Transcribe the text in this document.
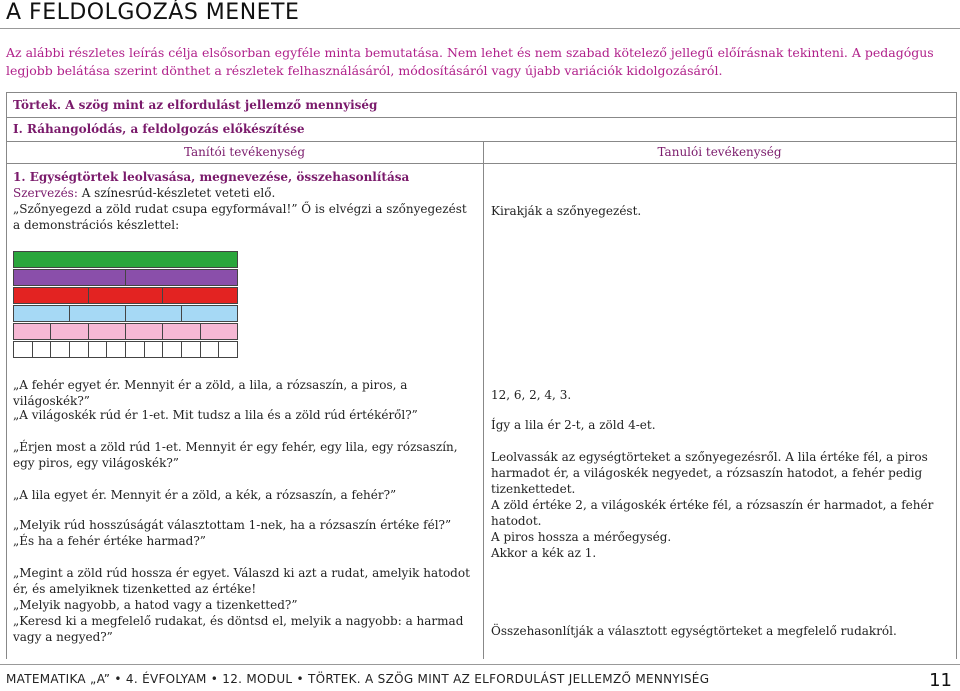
A FELDOLGOZÁS MENETE
Az alábbi részletes leírás célja elsősorban egyféle minta bemutatása. Nem lehet és nem szabad kötelező jellegű előírásnak tekinteni. A pedagógus legjobb belátása szerint dönthet a részletek felhasználásáról, módosításáról vagy újabb variációk kidolgozásáról.
Törtek. A szög mint az elfordulást jellemző mennyiség
I. Ráhangolódás, a feldolgozás előkészítése
Tanítói tevékenység	Tanulói tevékenység

1. Egységtörtek leolvasása, megnevezése, összehasonlítása

Szervezés: A színesrúd-készletet veteti elő.

„Szőnyegezd a zöld rudat csupa egyformával!” Ő is elvégzi a szőnyegezést a demonstrációs készlettel:

Kirakják a szőnyegezést.
„A fehér egyet ér. Mennyit ér a zöld, a lila, a rózsaszín, a piros, a világoskék?”
„A világoskék rúd ér 1-et. Mit tudsz a lila és a zöld rúd értékéről?”
„Érjen most a zöld rúd 1-et. Mennyit ér egy fehér, egy lila, egy rózsaszín, egy piros, egy világoskék?”
„A lila egyet ér. Mennyit ér a zöld, a kék, a rózsaszín, a fehér?”
„Melyik rúd hosszúságát választottam 1-nek, ha a rózsaszín értéke fél?”
„És ha a fehér értéke harmad?”
„Megint a zöld rúd hossza ér egyet. Válaszd ki azt a rudat, amelyik hatodot ér, és amelyiknek tizenketted az értéke!
„Melyik nagyobb, a hatod vagy a tizenketted?”
„Keresd ki a megfelelő rudakat, és döntsd el, melyik a nagyobb: a harmad vagy a negyed?”
12, 6, 2, 4, 3.
Így a lila ér 2-t, a zöld 4-et.
Leolvassák az egységtörteket a szőnyegezésről. A lila értéke fél, a piros harmadot ér, a világoskék negyedet, a rózsaszín hatodot, a fehér pedig tizenkettedet.
A zöld értéke 2, a világoskék értéke fél, a rózsaszín ér harmadot, a fehér hatodot.
A piros hossza a mérőegység.
Akkor a kék az 1.
Összehasonlítják a választott egységtörteket a megfelelő rudakról.
MATEMATIKA „A” • 4. ÉVFOLYAM • 12. MODUL • TÖRTEK. A SZÖG MINT AZ ELFORDULÁST JELLEMZŐ MENNYISÉG	11
